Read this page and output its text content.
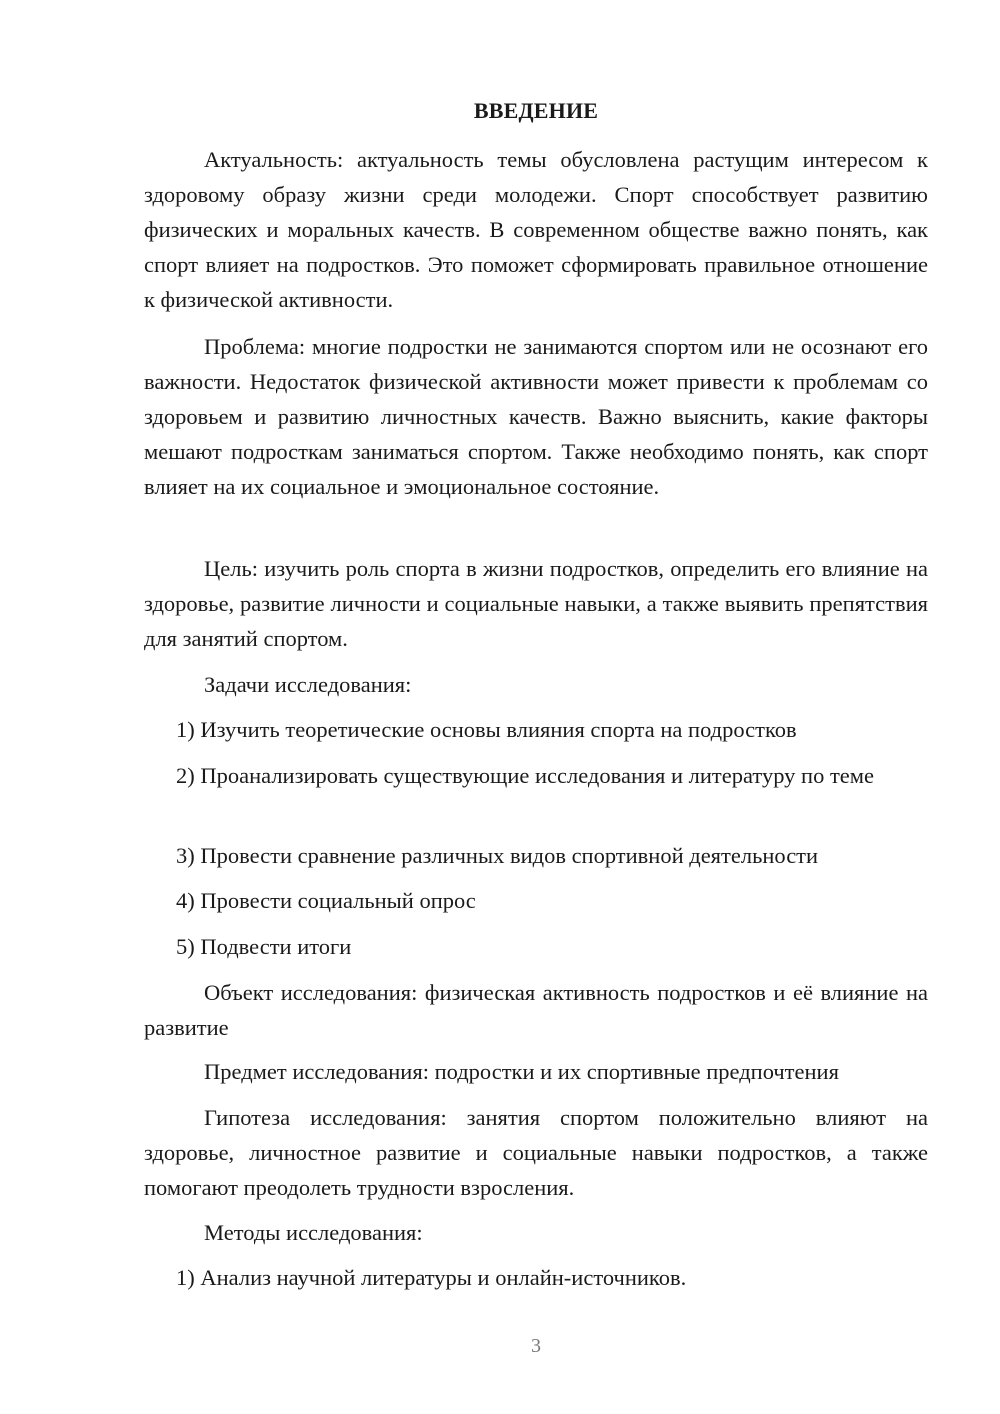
ВВЕДЕНИЕ

Актуальность: актуальность темы обусловлена растущим интересом к здоровому образу жизни среди молодежи. Спорт способствует развитию физических и моральных качеств. В современном обществе важно понять, как спорт влияет на подростков. Это поможет сформировать правильное отношение к физической активности.

Проблема: многие подростки не занимаются спортом или не осознают его важности. Недостаток физической активности может привести к проблемам со здоровьем и развитию личностных качеств. Важно выяснить, какие факторы мешают подросткам заниматься спортом. Также необходимо понять, как спорт влияет на их социальное и эмоциональное состояние.

Цель: изучить роль спорта в жизни подростков, определить его влияние на здоровье, развитие личности и социальные навыки, а также выявить препятствия для занятий спортом.

Задачи исследования:

1) Изучить теоретические основы влияния спорта на подростков

2) Проанализировать существующие исследования и литературу по теме

3) Провести сравнение различных видов спортивной деятельности

4) Провести социальный опрос

5) Подвести итоги

Объект исследования: физическая активность подростков и её влияние на развитие

Предмет исследования: подростки и их спортивные предпочтения

Гипотеза исследования: занятия спортом положительно влияют на здоровье, личностное развитие и социальные навыки подростков, а также помогают преодолеть трудности взросления.

Методы исследования:

1) Анализ научной литературы и онлайн-источников.

3
